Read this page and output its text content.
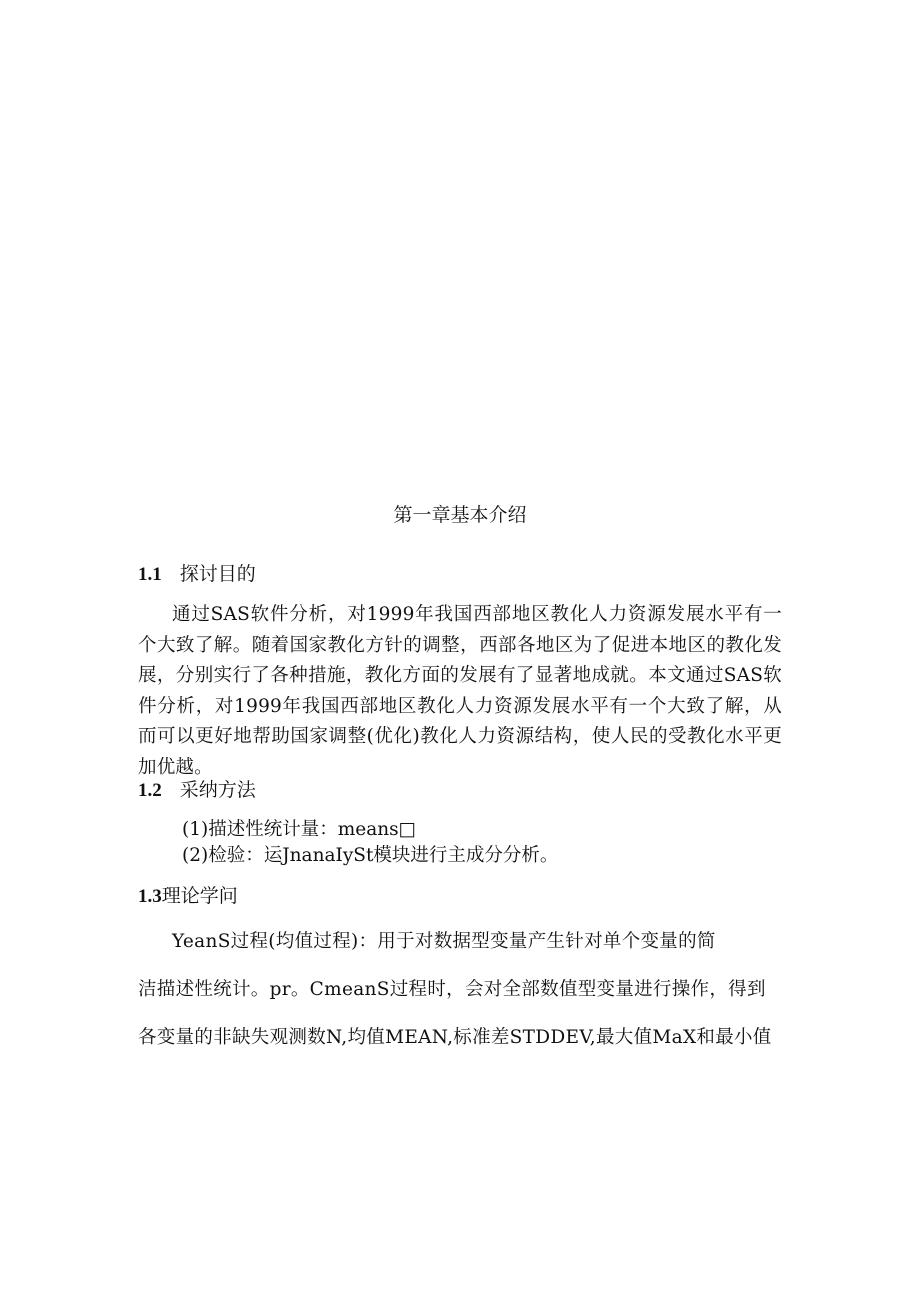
第一章基本介绍
1.1 探讨目的
通过SAS软件分析，对1999年我国西部地区教化人力资源发展水平有一个大致了解。随着国家教化方针的调整，西部各地区为了促进本地区的教化发展，分别实行了各种措施，教化方面的发展有了显著地成就。本文通过SAS软件分析，对1999年我国西部地区教化人力资源发展水平有一个大致了解，从而可以更好地帮助国家调整(优化)教化人力资源结构，使人民的受教化水平更加优越。
1.2 采纳方法
(1)描述性统计量：means□
(2)检验：运JnanaIySt模块进行主成分分析。
1.3理论学问
YeanS过程(均值过程)：用于对数据型变量产生针对单个变量的简
洁描述性统计。pr。CmeanS过程时，会对全部数值型变量进行操作，得到
各变量的非缺失观测数N,均值MEAN,标准差STDDEV,最大值MaX和最小值
